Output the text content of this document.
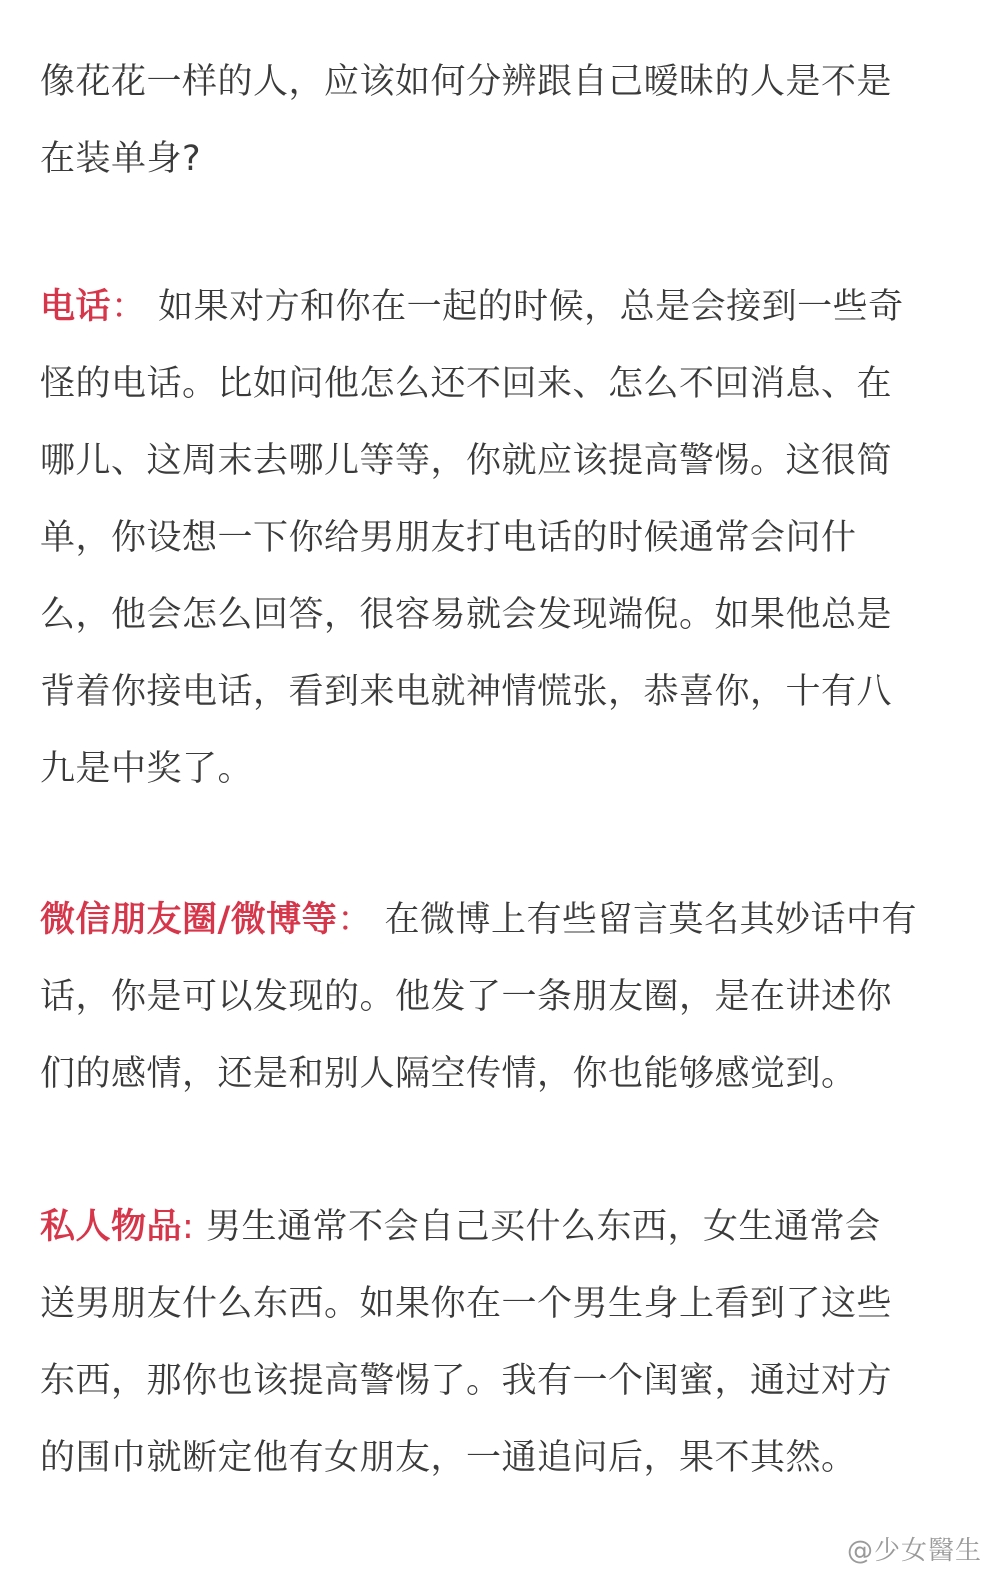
像花花一样的人，应该如何分辨跟自己暧昧的人是不是
在装单身?
电话： 如果对方和你在一起的时候，总是会接到一些奇
怪的电话。比如问他怎么还不回来、怎么不回消息、在
哪儿、这周末去哪儿等等，你就应该提高警惕。这很简
单，你设想一下你给男朋友打电话的时候通常会问什
么，他会怎么回答，很容易就会发现端倪。如果他总是
背着你接电话，看到来电就神情慌张，恭喜你，十有八
九是中奖了。
微信朋友圈/微博等： 在微博上有些留言莫名其妙话中有
话，你是可以发现的。他发了一条朋友圈，是在讲述你
们的感情，还是和别人隔空传情，你也能够感觉到。
私人物品: 男生通常不会自己买什么东西，女生通常会
送男朋友什么东西。如果你在一个男生身上看到了这些
东西，那你也该提高警惕了。我有一个闺蜜，通过对方
的围巾就断定他有女朋友，一通追问后，果不其然。
@少女醫生
